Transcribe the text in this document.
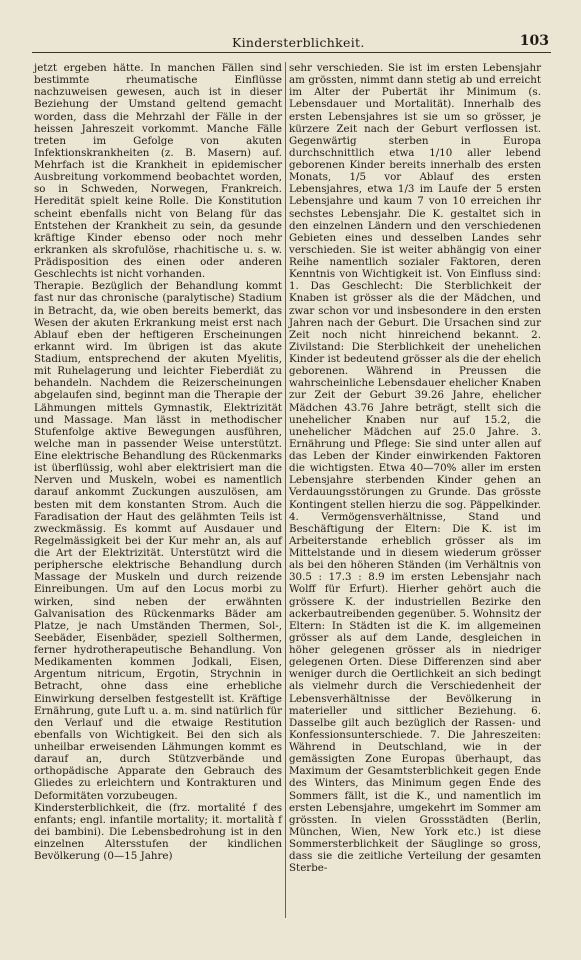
Kindersterblichkeit.	103

jetzt ergeben hätte. In manchen Fällen sind bestimmte rheumatische Einflüsse nachzuweisen gewesen, auch ist in dieser Beziehung der Umstand geltend gemacht worden, dass die Mehrzahl der Fälle in der heissen Jahreszeit vorkommt. Manche Fälle treten im Gefolge von akuten Infektionskrankheiten (z. B. Masern) auf. Mehrfach ist die Krankheit in epidemischer Ausbreitung vorkommend beobachtet worden, so in Schweden, Norwegen, Frankreich. Heredität spielt keine Rolle. Die Konstitution scheint ebenfalls nicht von Belang für das Entstehen der Krankheit zu sein, da gesunde kräftige Kinder ebenso oder noch mehr erkranken als skrofulöse, rhachitische u. s. w. Prädisposition des einen oder anderen Geschlechts ist nicht vorhanden.

Therapie. Bezüglich der Behandlung kommt fast nur das chronische (paralytische) Stadium in Betracht, da, wie oben bereits bemerkt, das Wesen der akuten Erkrankung meist erst nach Ablauf eben der heftigeren Erscheinungen erkannt wird. Im übrigen ist das akute Stadium, entsprechend der akuten Myelitis, mit Ruhelagerung und leichter Fieberdiät zu behandeln. Nachdem die Reizerscheinungen abgelaufen sind, beginnt man die Therapie der Lähmungen mittels Gymnastik, Elektrizität und Massage. Man lässt in methodischer Stufenfolge aktive Bewegungen ausführen, welche man in passender Weise unterstützt. Eine elektrische Behandlung des Rückenmarks ist überflüssig, wohl aber elektrisiert man die Nerven und Muskeln, wobei es namentlich darauf ankommt Zuckungen auszulösen, am besten mit dem konstanten Strom. Auch die Faradisation der Haut des gelähmten Teils ist zweckmässig. Es kommt auf Ausdauer und Regelmässigkeit bei der Kur mehr an, als auf die Art der Elektrizität. Unterstützt wird die periphersche elektrische Behandlung durch Massage der Muskeln und durch reizende Einreibungen. Um auf den Locus morbi zu wirken, sind neben der erwähnten Galvanisation des Rückenmarks Bäder am Platze, je nach Umständen Thermen, Sol-, Seebäder, Eisenbäder, speziell Solthermen, ferner hydrotherapeutische Behandlung. Von Medikamenten kommen Jodkali, Eisen, Argentum nitricum, Ergotin, Strychnin in Betracht, ohne dass eine erhebliche Einwirkung derselben festgestellt ist. Kräftige Ernährung, gute Luft u. a. m. sind natürlich für den Verlauf und die etwaige Restitution ebenfalls von Wichtigkeit. Bei den sich als unheilbar erweisenden Lähmungen kommt es darauf an, durch Stützverbände und orthopädische Apparate den Gebrauch des Gliedes zu erleichtern und Kontrakturen und Deformitäten vorzubeugen.

Kindersterblichkeit, die (frz. mortalité f des enfants; engl. infantile mortality; it. mortalità f dei bambini). Die Lebensbedrohung ist in den einzelnen Altersstufen der kindlichen Bevölkerung (0—15 Jahre)

sehr verschieden. Sie ist im ersten Lebensjahr am grössten, nimmt dann stetig ab und erreicht im Alter der Pubertät ihr Minimum (s. Lebensdauer und Mortalität). Innerhalb des ersten Lebensjahres ist sie um so grösser, je kürzere Zeit nach der Geburt verflossen ist. Gegenwärtig sterben in Europa durchschnittlich etwa 1/10 aller lebend geborenen Kinder bereits innerhalb des ersten Monats, 1/5 vor Ablauf des ersten Lebensjahres, etwa 1/3 im Laufe der 5 ersten Lebensjahre und kaum 7 von 10 erreichen ihr sechstes Lebensjahr. Die K. gestaltet sich in den einzelnen Ländern und den verschiedenen Gebieten eines und desselben Landes sehr verschieden. Sie ist weiter abhängig von einer Reihe namentlich sozialer Faktoren, deren Kenntnis von Wichtigkeit ist. Von Einfluss sind: 1. Das Geschlecht: Die Sterblichkeit der Knaben ist grösser als die der Mädchen, und zwar schon vor und insbesondere in den ersten Jahren nach der Geburt. Die Ursachen sind zur Zeit noch nicht hinreichend bekannt. 2. Zivilstand: Die Sterblichkeit der unehelichen Kinder ist bedeutend grösser als die der ehelich geborenen. Während in Preussen die wahrscheinliche Lebensdauer ehelicher Knaben zur Zeit der Geburt 39.26 Jahre, ehelicher Mädchen 43.76 Jahre beträgt, stellt sich die unehelicher Knaben nur auf 15.2, die unehelicher Mädchen auf 25.0 Jahre. 3. Ernährung und Pflege: Sie sind unter allen auf das Leben der Kinder einwirkenden Faktoren die wichtigsten. Etwa 40—70% aller im ersten Lebensjahre sterbenden Kinder gehen an Verdauungsstörungen zu Grunde. Das grösste Kontingent stellen hierzu die sog. Päppelkinder. 4. Vermögensverhältnisse, Stand und Beschäftigung der Eltern: Die K. ist im Arbeiterstande erheblich grösser als im Mittelstande und in diesem wiederum grösser als bei den höheren Ständen (im Verhältnis von 30.5 : 17.3 : 8.9 im ersten Lebensjahr nach Wolff für Erfurt). Hierher gehört auch die grössere K. der industriellen Bezirke den ackerbautreibenden gegenüber. 5. Wohnsitz der Eltern: In Städten ist die K. im allgemeinen grösser als auf dem Lande, desgleichen in höher gelegenen grösser als in niedriger gelegenen Orten. Diese Differenzen sind aber weniger durch die Oertlichkeit an sich bedingt als vielmehr durch die Verschiedenheit der Lebensverhältnisse der Bevölkerung in materieller und sittlicher Beziehung. 6. Dasselbe gilt auch bezüglich der Rassen- und Konfessionsunterschiede. 7. Die Jahreszeiten: Während in Deutschland, wie in der gemässigten Zone Europas überhaupt, das Maximum der Gesamtsterblichkeit gegen Ende des Winters, das Minimum gegen Ende des Sommers fällt, ist die K., und namentlich im ersten Lebensjahre, umgekehrt im Sommer am grössten. In vielen Grossstädten (Berlin, München, Wien, New York etc.) ist diese Sommersterblichkeit der Säuglinge so gross, dass sie die zeitliche Verteilung der gesamten Sterbe-
